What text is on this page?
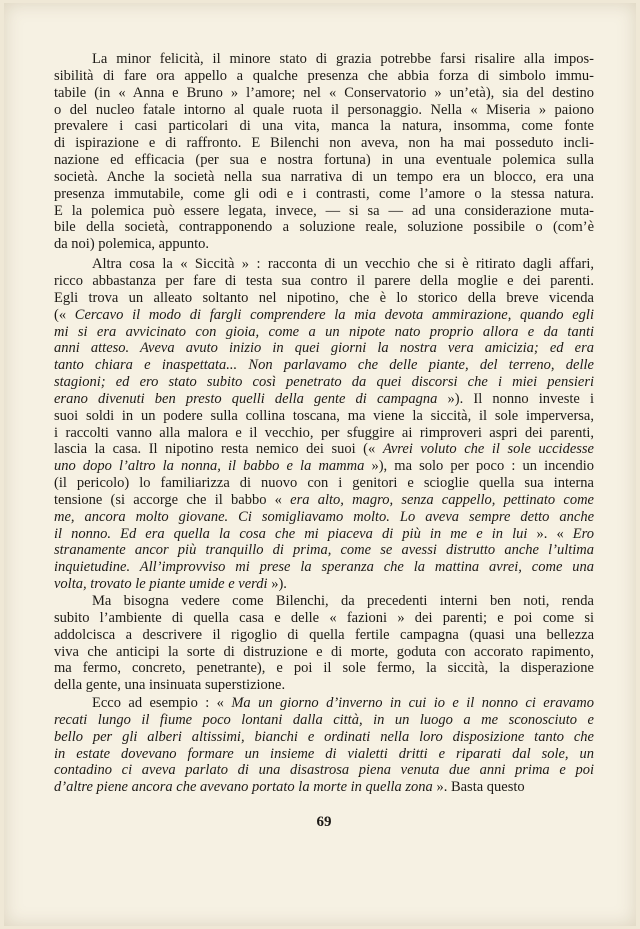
La minor felicità, il minore stato di grazia potrebbe farsi risalire alla impos-
sibilità di fare ora appello a qualche presenza che abbia forza di simbolo immu-
tabile (in « Anna e Bruno » l’amore; nel « Conservatorio » un’età), sia del destino
o del nucleo fatale intorno al quale ruota il personaggio. Nella « Miseria » paiono
prevalere i casi particolari di una vita, manca la natura, insomma, come fonte
di ispirazione e di raffronto. E Bilenchi non aveva, non ha mai posseduto incli-
nazione ed efficacia (per sua e nostra fortuna) in una eventuale polemica sulla
società. Anche la società nella sua narrativa di un tempo era un blocco, era una
presenza immutabile, come gli odi e i contrasti, come l’amore o la stessa natura.
E la polemica può essere legata, invece, — si sa — ad una considerazione muta-
bile della società, contrapponendo a soluzione reale, soluzione possibile o (com’è
da noi) polemica, appunto.
Altra cosa la « Siccità » : racconta di un vecchio che si è ritirato dagli affari,
ricco abbastanza per fare di testa sua contro il parere della moglie e dei parenti.
Egli trova un alleato soltanto nel nipotino, che è lo storico della breve vicenda
(« Cercavo il modo di fargli comprendere la mia devota ammirazione, quando egli
mi si era avvicinato con gioia, come a un nipote nato proprio allora e da tanti
anni atteso. Aveva avuto inizio in quei giorni la nostra vera amicizia; ed era
tanto chiara e inaspettata... Non parlavamo che delle piante, del terreno, delle
stagioni; ed ero stato subito così penetrato da quei discorsi che i miei pensieri
erano divenuti ben presto quelli della gente di campagna »). Il nonno investe i
suoi soldi in un podere sulla collina toscana, ma viene la siccità, il sole imperversa,
i raccolti vanno alla malora e il vecchio, per sfuggire ai rimproveri aspri dei parenti,
lascia la casa. Il nipotino resta nemico dei suoi (« Avrei voluto che il sole uccidesse
uno dopo l’altro la nonna, il babbo e la mamma »), ma solo per poco : un incendio
(il pericolo) lo familiarizza di nuovo con i genitori e scioglie quella sua interna
tensione (si accorge che il babbo « era alto, magro, senza cappello, pettinato come
me, ancora molto giovane. Ci somigliavamo molto. Lo aveva sempre detto anche
il nonno. Ed era quella la cosa che mi piaceva di più in me e in lui ». « Ero
stranamente ancor più tranquillo di prima, come se avessi distrutto anche l’ultima
inquietudine. All’improvviso mi prese la speranza che la mattina avrei, come una
volta, trovato le piante umide e verdi »).
Ma bisogna vedere come Bilenchi, da precedenti interni ben noti, renda
subito l’ambiente di quella casa e delle « fazioni » dei parenti; e poi come si
addolcisca a descrivere il rigoglio di quella fertile campagna (quasi una bellezza
viva che anticipi la sorte di distruzione e di morte, goduta con accorato rapimento,
ma fermo, concreto, penetrante), e poi il sole fermo, la siccità, la disperazione
della gente, una insinuata superstizione.
Ecco ad esempio : « Ma un giorno d’inverno in cui io e il nonno ci eravamo
recati lungo il fiume poco lontani dalla città, in un luogo a me sconosciuto e
bello per gli alberi altissimi, bianchi e ordinati nella loro disposizione tanto che
in estate dovevano formare un insieme di vialetti dritti e riparati dal sole, un
contadino ci aveva parlato di una disastrosa piena venuta due anni prima e poi
d’altre piene ancora che avevano portato la morte in quella zona ». Basta questo
69
